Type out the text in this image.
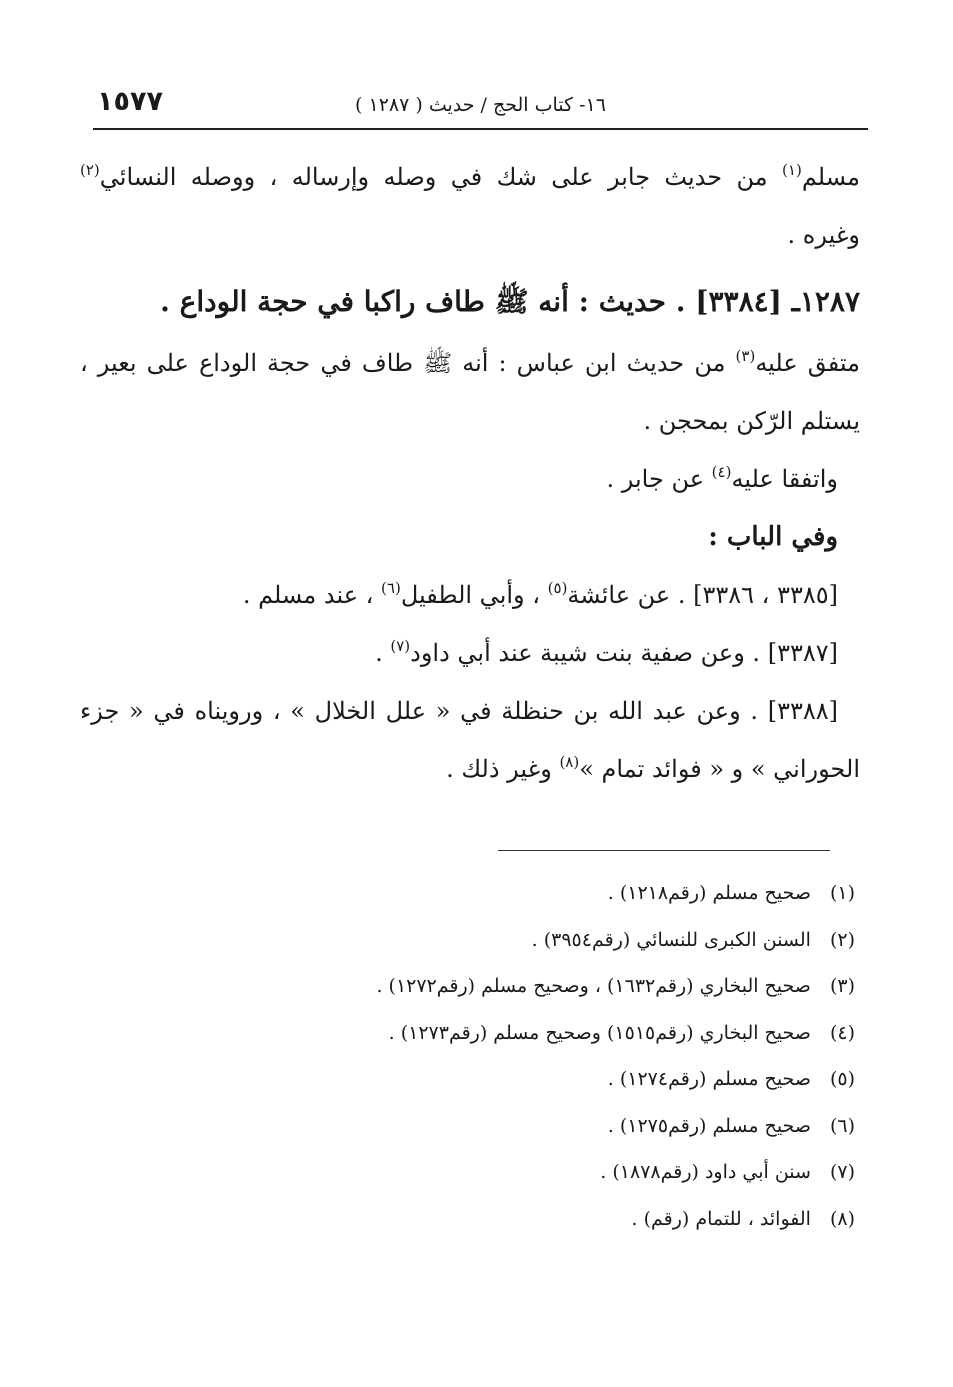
١٥٧٧	١٦- كتاب الحج / حديث ( ١٢٨٧ )

مسلم$^{(١)}$ من حديث جابر على شك في وصله وإرساله ، ووصله النسائي$^{(٢)}$

وغيره .

١٢٨٧ـ [٣٣٨٤] . حديث : أنه ﷺ طاف راكبا في حجة الوداع .

متفق عليه$^{(٣)}$ من حديث ابن عباس : أنه ﷺ طاف في حجة الوداع على بعير ،

يستلم الرّكن بمحجن .

واتفقا عليه$^{(٤)}$ عن جابر .

وفي الباب :

[٣٣٨٥ ، ٣٣٨٦] . عن عائشة$^{(٥)}$ ، وأبي الطفيل$^{(٦)}$ ، عند مسلم .

[٣٣٨٧] . وعن صفية بنت شيبة عند أبي داود$^{(٧)}$ .

[٣٣٨٨] . وعن عبد الله بن حنظلة في « علل الخلال » ، ورويناه في « جزء

الحوراني » و « فوائد تمام »$^{(٨)}$ وغير ذلك .

(١) صحيح مسلم (رقم١٢١٨) .

(٢) السنن الكبرى للنسائي (رقم٣٩٥٤) .

(٣) صحيح البخاري (رقم١٦٣٢) ، وصحيح مسلم (رقم١٢٧٢) .

(٤) صحيح البخاري (رقم١٥١٥) وصحيح مسلم (رقم١٢٧٣) .

(٥) صحيح مسلم (رقم١٢٧٤) .

(٦) صحيح مسلم (رقم١٢٧٥) .

(٧) سنن أبي داود (رقم١٨٧٨) .

(٨) الفوائد ، للتمام (رقم) .
